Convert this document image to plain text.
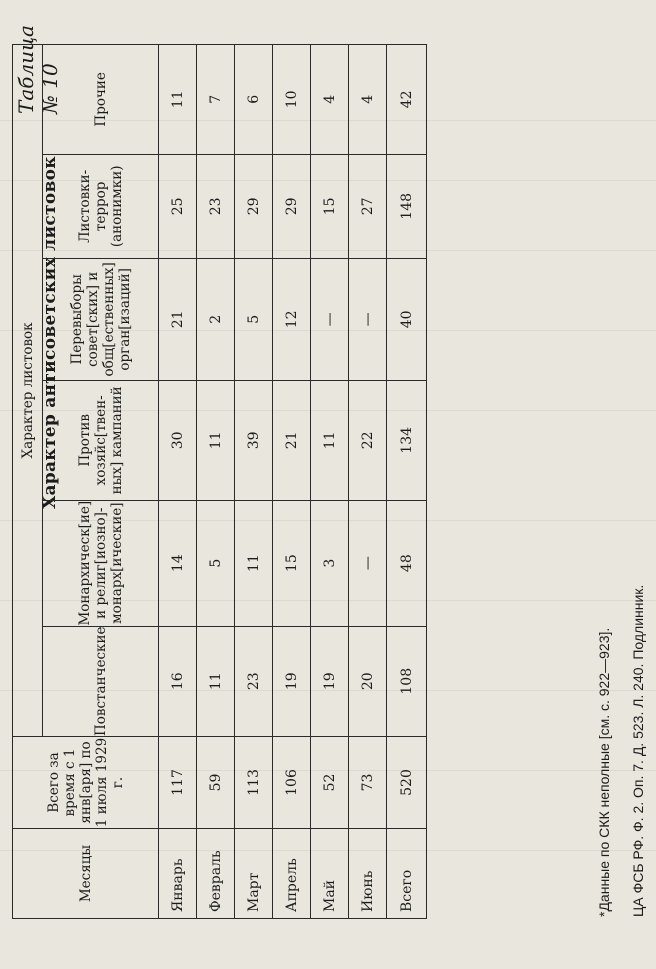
Таблица № 10
Характер антисоветских листовок
Месяцы	Всего за время с 1 янв[аря] по 1 июля 1929 г.	Характер листовок					
		Повстанческие	Монархическ[ие] и религ[иозно]-монарх[ические]	Против хозяйс[твен-ных] кампаний	Перевыборы совет[ских] и общ[ественных] орган[изаций]	Листовки-террор (анонимки)	Прочие
Январь	117	16	14	30	21	25	11
Февраль	59	11	5	11	2	23	7
Март	113	23	11	39	5	29	6
Апрель	106	19	15	21	12	29	10
Май	52	19	3	11	—	15	4
Июнь	73	20	—	22	—	27	4
Всего	520	108	48	134	40	148	42
*Данные по СКК неполные [см. с. 922—923]. ЦА ФСБ РФ. Ф. 2. Оп. 7. Д. 523. Л. 240. Подлинник.
